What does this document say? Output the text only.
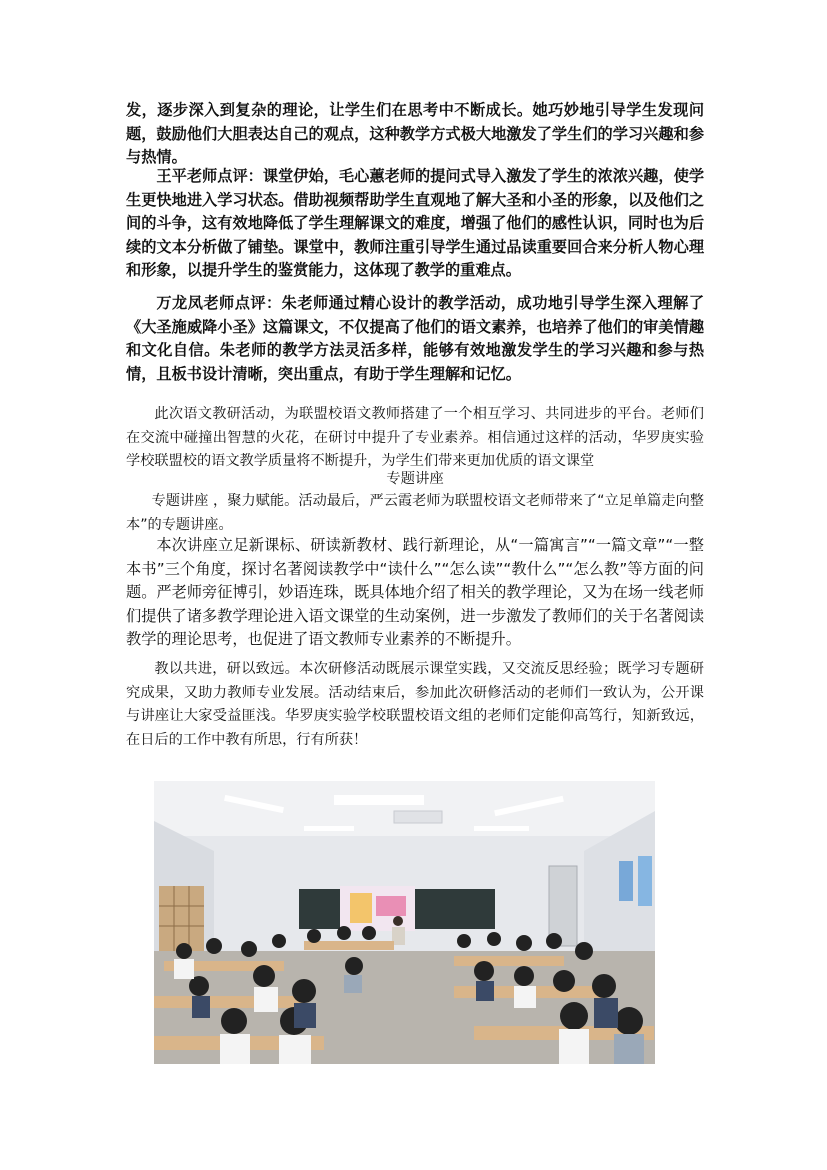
发，逐步深入到复杂的理论，让学生们在思考中不断成长。她巧妙地引导学生发现问题，鼓励他们大胆表达自己的观点，这种教学方式极大地激发了学生们的学习兴趣和参与热情。

王平老师点评：课堂伊始，毛心蕙老师的提问式导入激发了学生的浓浓兴趣，使学生更快地进入学习状态。借助视频帮助学生直观地了解大圣和小圣的形象，以及他们之间的斗争，这有效地降低了学生理解课文的难度，增强了他们的感性认识，同时也为后续的文本分析做了铺垫。课堂中，教师注重引导学生通过品读重要回合来分析人物心理和形象，以提升学生的鉴赏能力，这体现了教学的重难点。

万龙凤老师点评：朱老师通过精心设计的教学活动，成功地引导学生深入理解了《大圣施威降小圣》这篇课文，不仅提高了他们的语文素养，也培养了他们的审美情趣和文化自信。朱老师的教学方法灵活多样，能够有效地激发学生的学习兴趣和参与热情，且板书设计清晰，突出重点，有助于学生理解和记忆。

此次语文教研活动，为联盟校语文教师搭建了一个相互学习、共同进步的平台。老师们在交流中碰撞出智慧的火花，在研讨中提升了专业素养。相信通过这样的活动，华罗庚实验学校联盟校的语文教学质量将不断提升，为学生们带来更加优质的语文课堂

专题讲座

专题讲座 ，聚力赋能。活动最后，严云霞老师为联盟校语文老师带来了“立足单篇走向整本”的专题讲座。

本次讲座立足新课标、研读新教材、践行新理论，从“一篇寓言”“一篇文章”“一整本书”三个角度，探讨名著阅读教学中“读什么”“怎么读”“教什么”“怎么教”等方面的问题。严老师旁征博引，妙语连珠，既具体地介绍了相关的教学理论，又为在场一线老师们提供了诸多教学理论进入语文课堂的生动案例，进一步激发了教师们的关于名著阅读教学的理论思考，也促进了语文教师专业素养的不断提升。

教以共进，研以致远。本次研修活动既展示课堂实践，又交流反思经验；既学习专题研究成果，又助力教师专业发展。活动结束后，参加此次研修活动的老师们一致认为，公开课与讲座让大家受益匪浅。华罗庚实验学校联盟校语文组的老师们定能仰高笃行，知新致远，在日后的工作中教有所思，行有所获！
